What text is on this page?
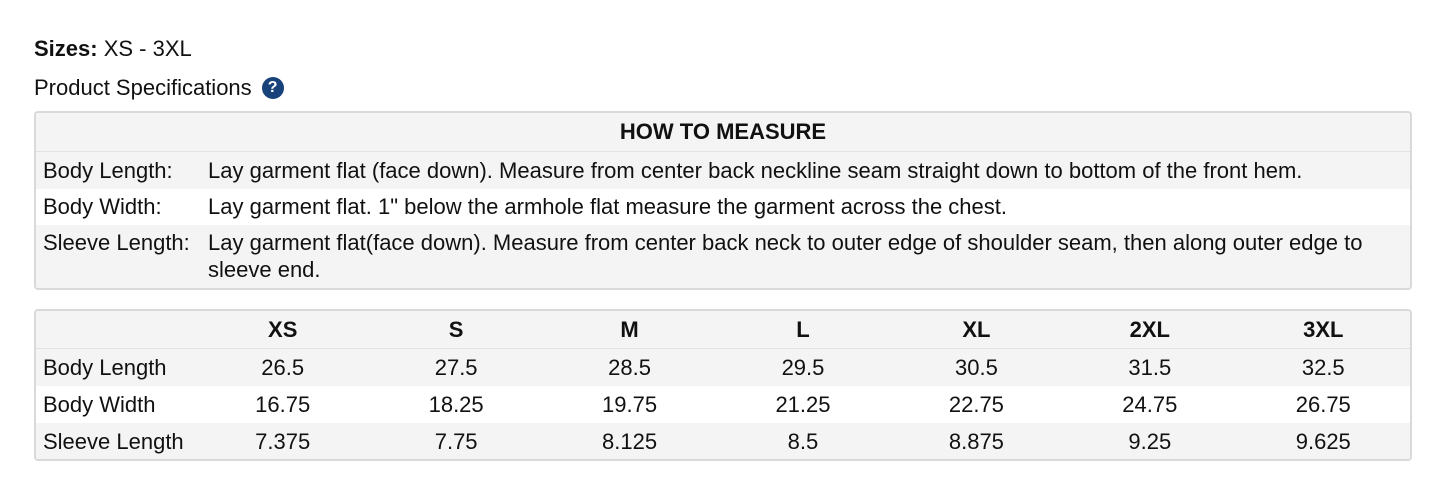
Sizes: XS - 3XL
Product Specifications	?
HOW TO MEASURE
Body Length:	Lay garment flat (face down). Measure from center back neckline seam straight down to bottom of the front hem.
Body Width:	Lay garment flat. 1" below the armhole flat measure the garment across the chest.
Sleeve Length: Lay garment flat(face down). Measure from center back neck to outer edge of shoulder seam, then along outer edge to sleeve end.
	XS	S	M	L	XL	2XL	3XL
Body Length	26.5	27.5	28.5	29.5	30.5	31.5	32.5
Body Width	16.75	18.25	19.75	21.25	22.75	24.75	26.75
Sleeve Length	7.375	7.75	8.125	8.5	8.875	9.25	9.625
